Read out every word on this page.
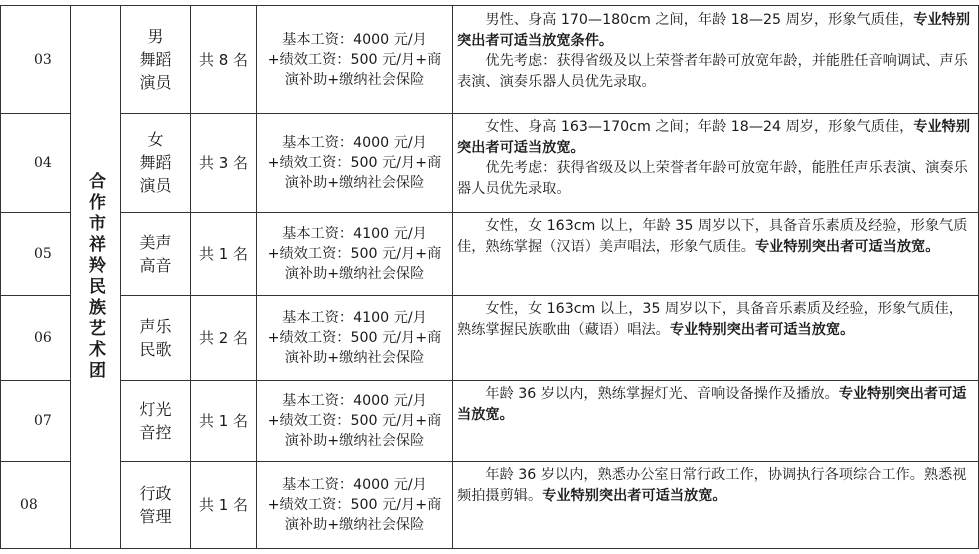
合作市祥羚民族艺术团
03
男
舞蹈
演员
共 8 名
基本工资：4000 元/月
+绩效工资：500 元/月+商
演补助+缴纳社会保险

男性、身高 170—180cm 之间，年龄 18—25 周岁，形象气质佳，专业特别突出者可适当放宽条件。

优先考虑：获得省级及以上荣誉者年龄可放宽年龄，并能胜任音响调试、声乐表演、演奏乐器人员优先录取。

04
女
舞蹈
演员
共 3 名
基本工资：4000 元/月
+绩效工资：500 元/月+商
演补助+缴纳社会保险

女性、身高 163—170cm 之间；年龄 18—24 周岁，形象气质佳，专业特别突出者可适当放宽。

优先考虑：获得省级及以上荣誉者年龄可放宽年龄，能胜任声乐表演、演奏乐器人员优先录取。

05
美声
高音
共 1 名
基本工资：4100 元/月
+绩效工资：500 元/月+商
演补助+缴纳社会保险

女性，女 163cm 以上，年龄 35 周岁以下，具备音乐素质及经验，形象气质佳，熟练掌握（汉语）美声唱法，形象气质佳。专业特别突出者可适当放宽。

06
声乐
民歌
共 2 名
基本工资：4100 元/月
+绩效工资：500 元/月+商
演补助+缴纳社会保险

女性，女 163cm 以上，35 周岁以下，具备音乐素质及经验，形象气质佳，熟练掌握民族歌曲（藏语）唱法。专业特别突出者可适当放宽。

07
灯光
音控
共 1 名
基本工资：4000 元/月
+绩效工资：500 元/月+商
演补助+缴纳社会保险

年龄 36 岁以内，熟练掌握灯光、音响设备操作及播放。专业特别突出者可适当放宽。

08
行政
管理
共 1 名
基本工资：4000 元/月
+绩效工资：500 元/月+商
演补助+缴纳社会保险

年龄 36 岁以内，熟悉办公室日常行政工作，协调执行各项综合工作。熟悉视频拍摄剪辑。专业特别突出者可适当放宽。
